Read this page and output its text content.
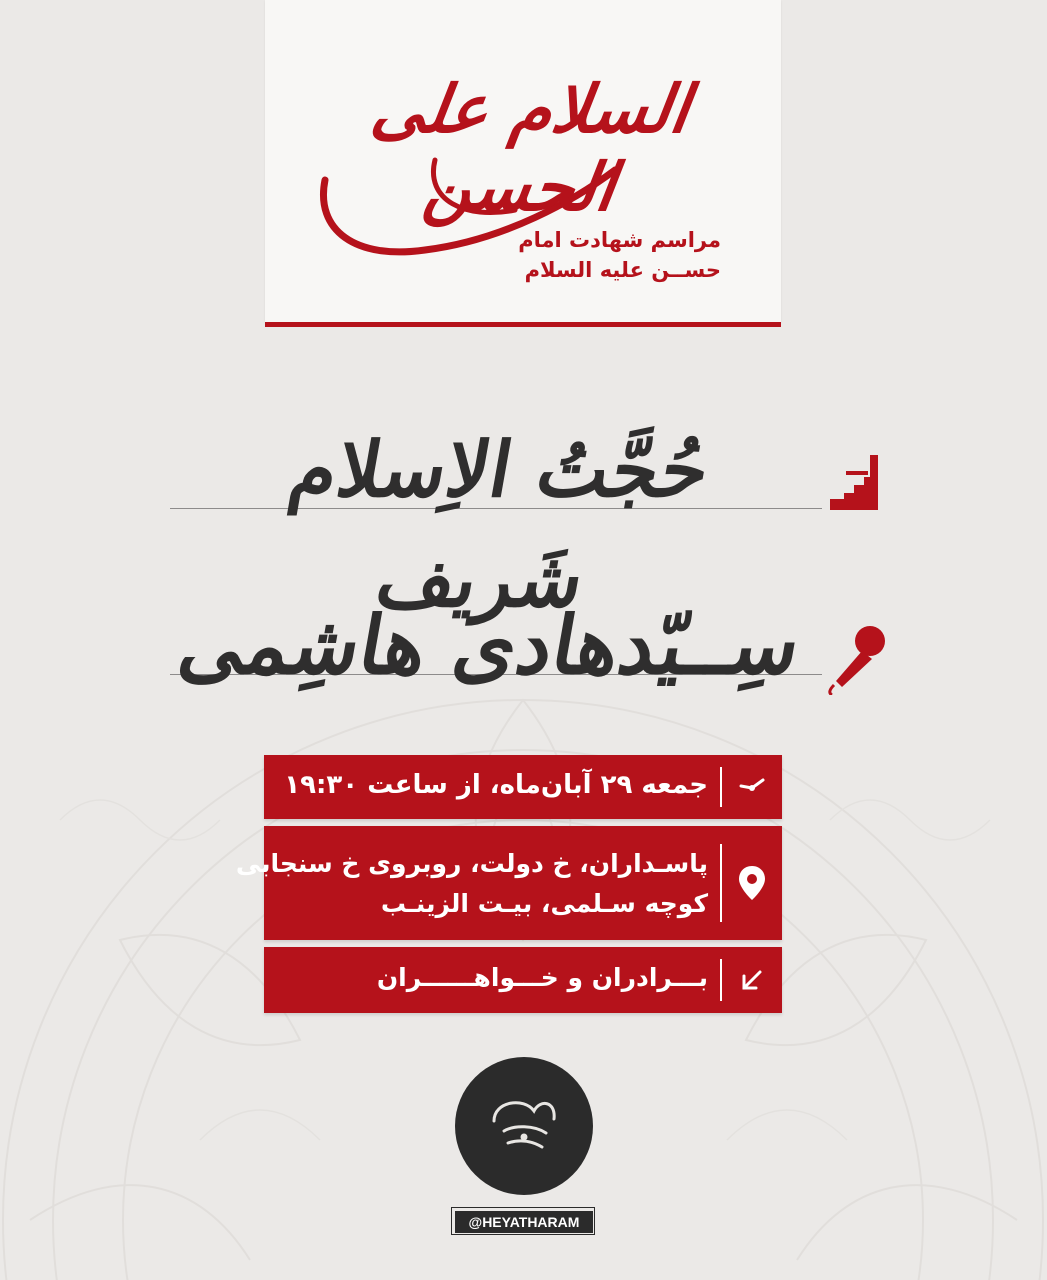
السلام علی الحسن
مراسم شهادت امام
حســن علیه السلام
حُجَّتُ الاِسلام شَریف
سِــیّدهادی هاشِمی
جمعه ۲۹ آبان‌ماه، از ساعت ۱۹:۳۰
پاسـداران، خ دولت، روبروی خ سنجابی
کوچه سـلمی، بیـت الزینـب
بـــرادران و خـــواهــــــران
@HEYATHARAM
